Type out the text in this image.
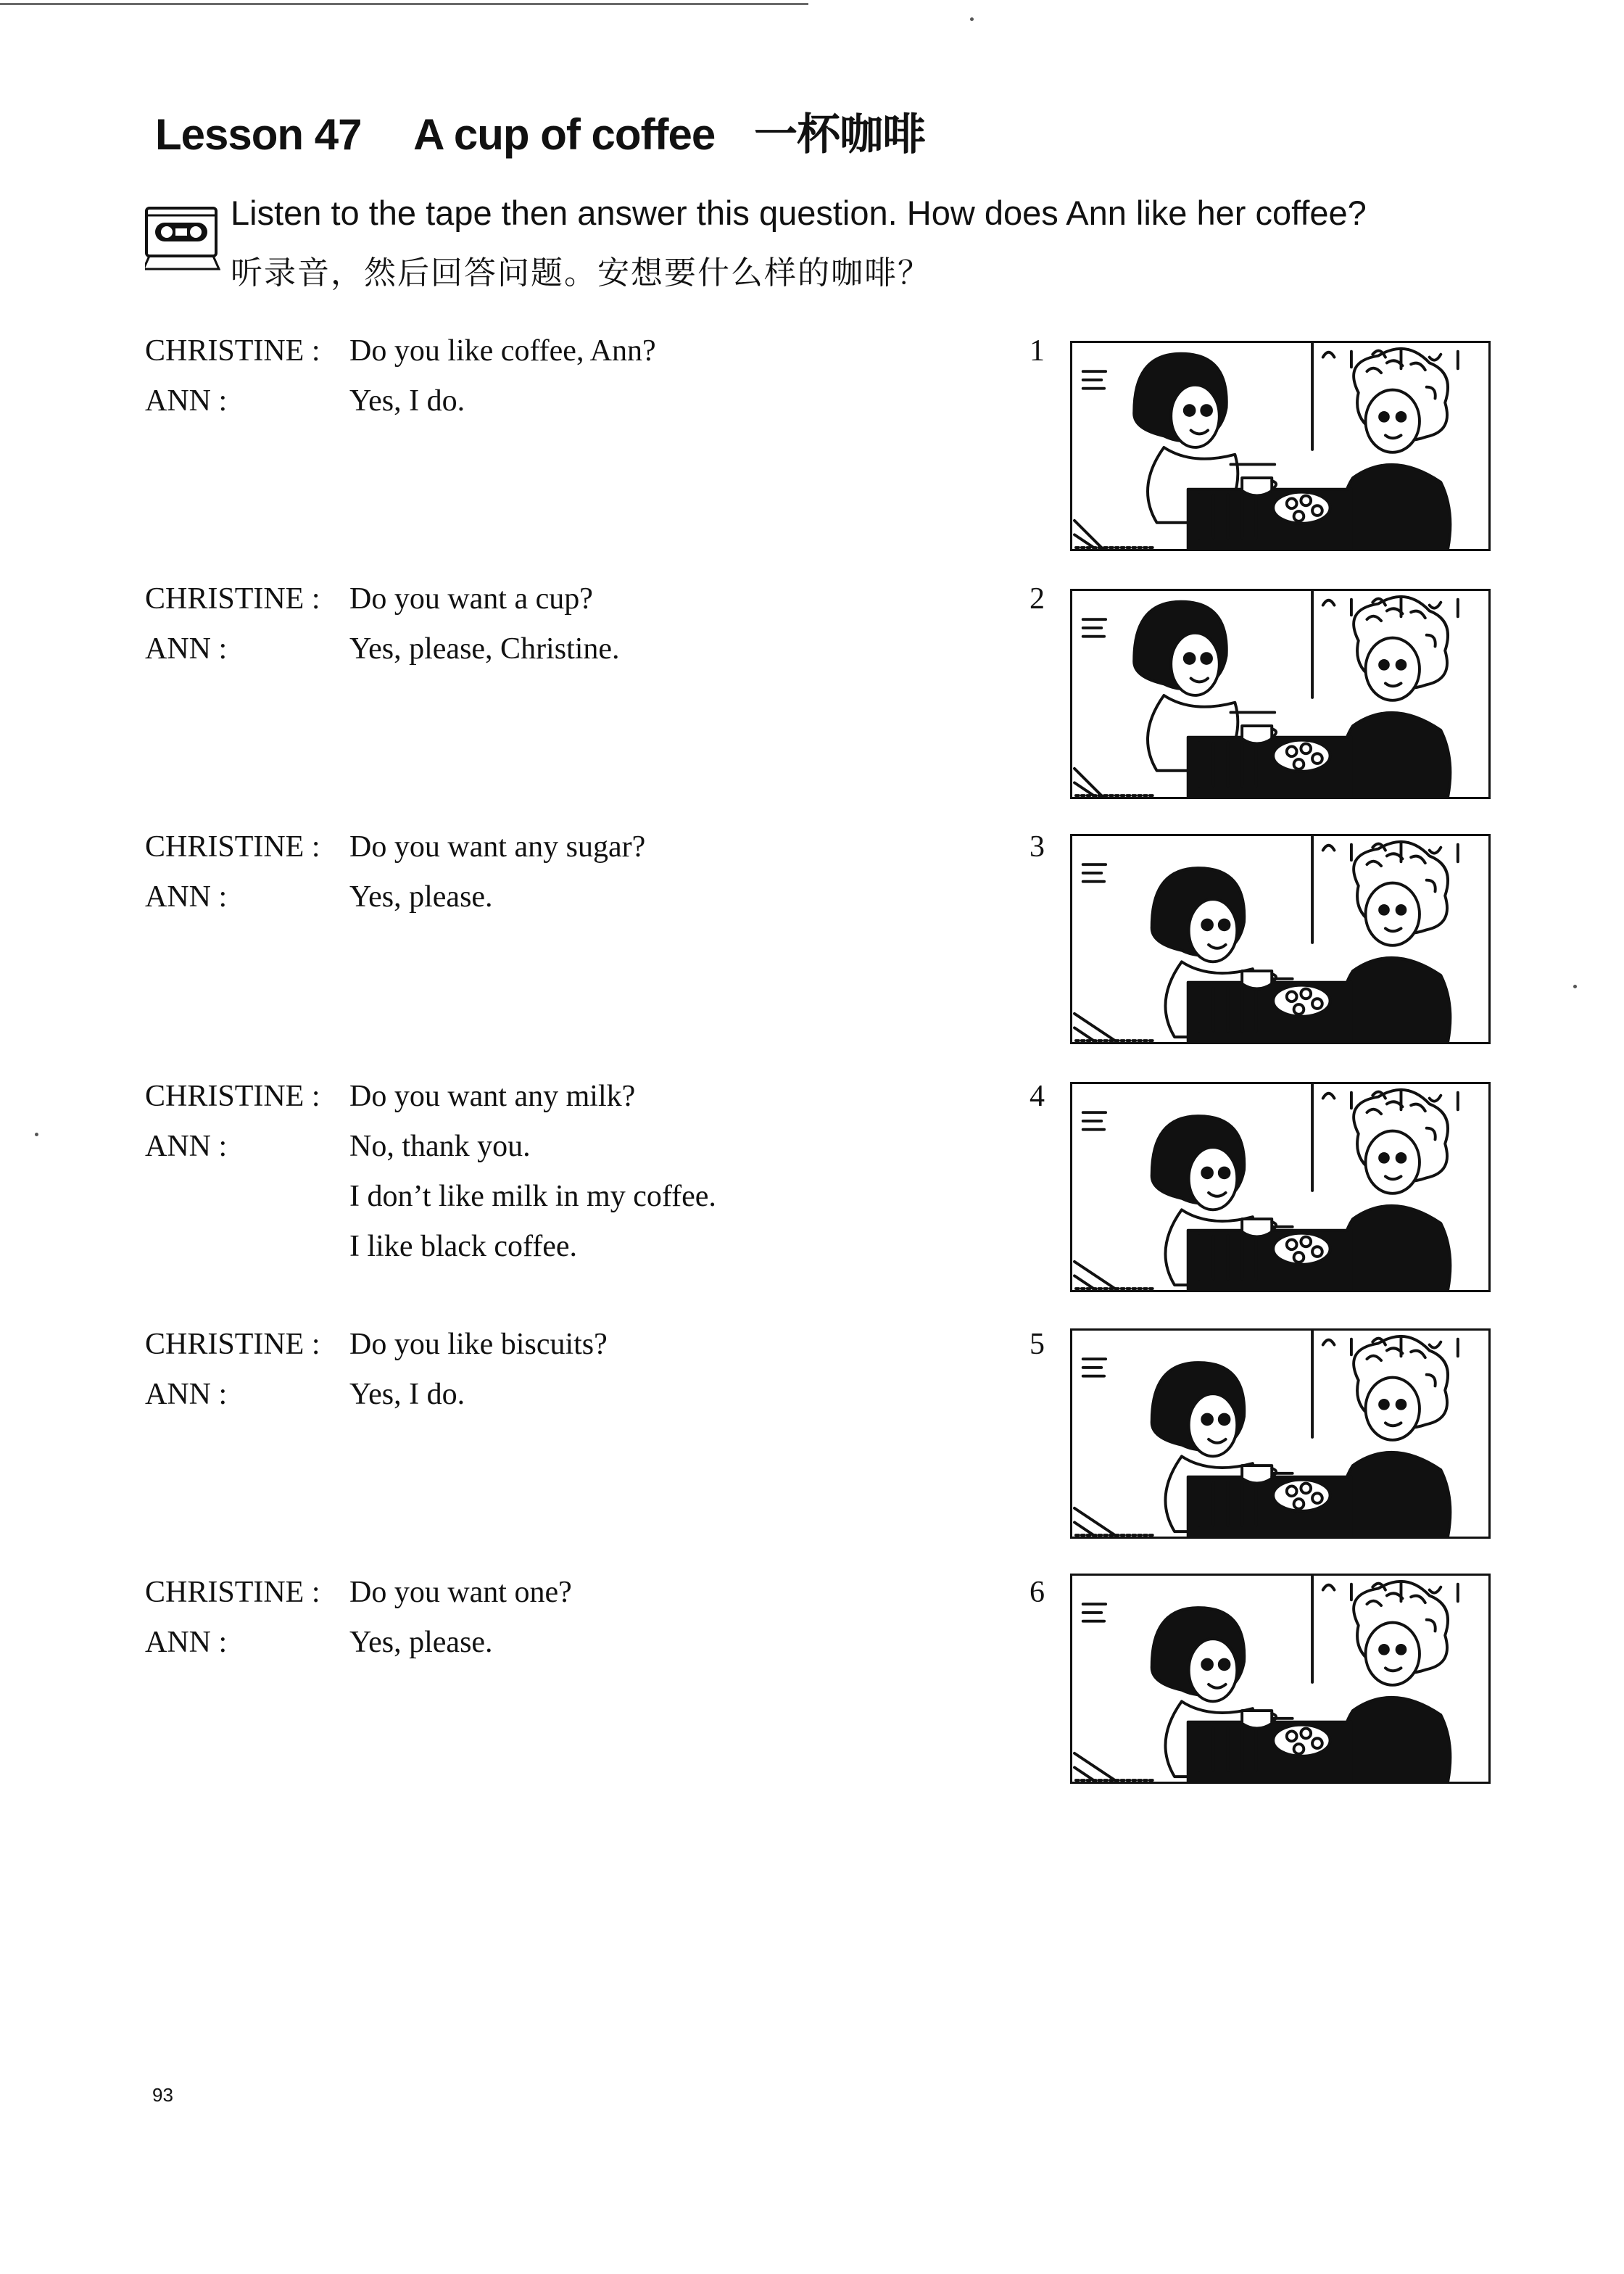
Lesson 47 A cup of coffee 一杯咖啡
Listen to the tape then answer this question. How does Ann like her coffee?
听录音，然后回答问题。安想要什么样的咖啡？
CHRISTINE : Do you like coffee, Ann?
ANN :	Yes, I do.
1
CHRISTINE : Do you want a cup?
ANN :	Yes, please, Christine.
2
CHRISTINE : Do you want any sugar?
ANN :	Yes, please.
3
CHRISTINE : Do you want any milk?
ANN :	No, thank you.
I don’t like milk in my coffee.
I like black coffee.
4
CHRISTINE : Do you like biscuits?
ANN :	Yes, I do.
5
CHRISTINE : Do you want one?
ANN :	Yes, please.
6
93
